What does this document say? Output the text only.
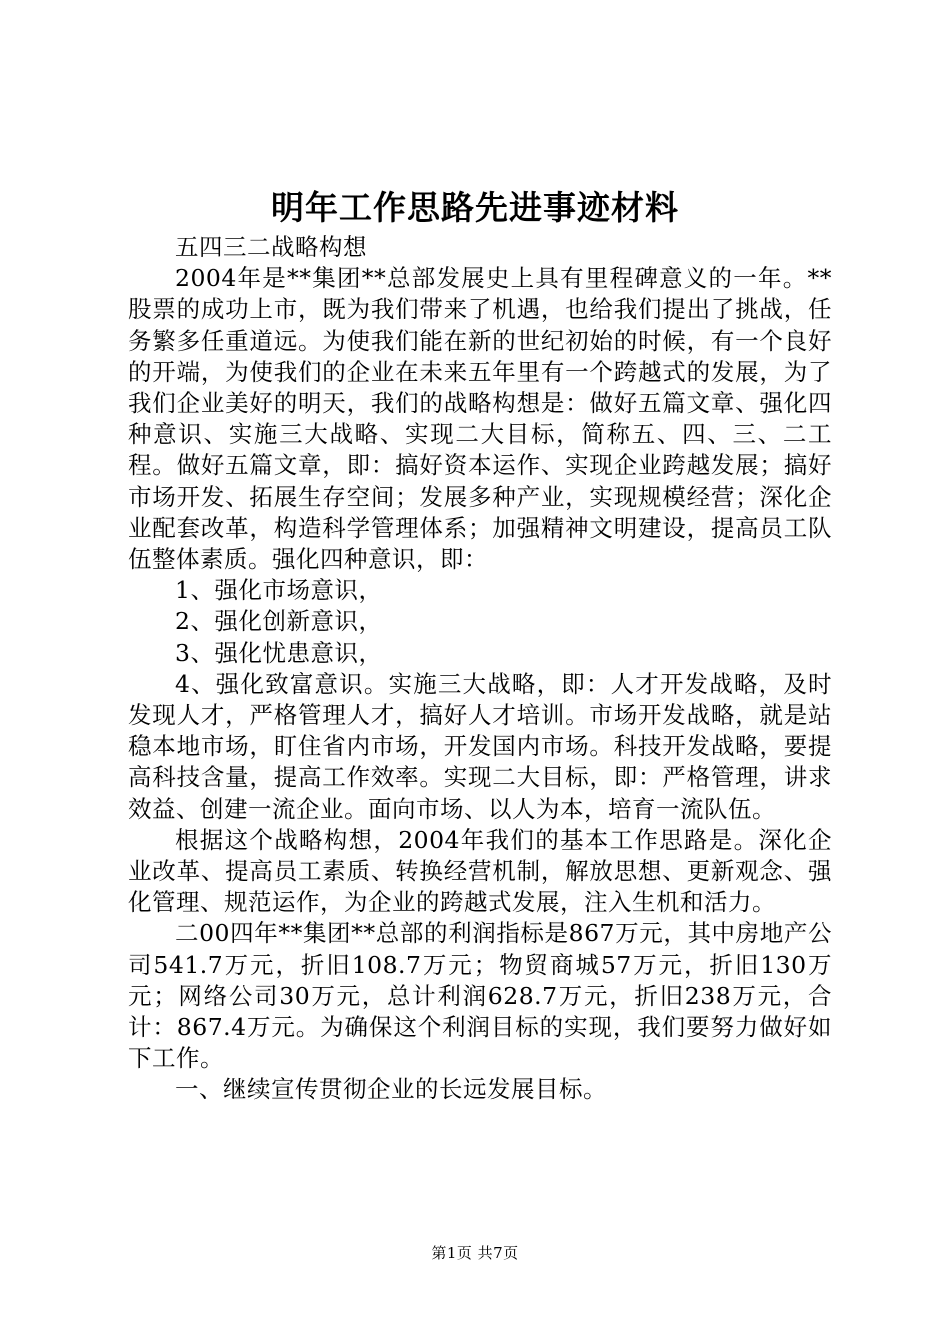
明年工作思路先进事迹材料

五四三二战略构想

2004年是**集团**总部发展史上具有里程碑意义的一年。**股票的成功上市，既为我们带来了机遇，也给我们提出了挑战，任务繁多任重道远。为使我们能在新的世纪初始的时候，有一个良好的开端，为使我们的企业在未来五年里有一个跨越式的发展，为了我们企业美好的明天，我们的战略构想是：做好五篇文章、强化四种意识、实施三大战略、实现二大目标，简称五、四、三、二工程。做好五篇文章，即：搞好资本运作、实现企业跨越发展；搞好市场开发、拓展生存空间；发展多种产业，实现规模经营；深化企业配套改革，构造科学管理体系；加强精神文明建设，提高员工队伍整体素质。强化四种意识，即：

1、强化市场意识，

2、强化创新意识，

3、强化忧患意识，

4、强化致富意识。实施三大战略，即：人才开发战略，及时发现人才，严格管理人才，搞好人才培训。市场开发战略，就是站稳本地市场，盯住省内市场，开发国内市场。科技开发战略，要提高科技含量，提高工作效率。实现二大目标，即：严格管理，讲求效益、创建一流企业。面向市场、以人为本，培育一流队伍。

根据这个战略构想，2004年我们的基本工作思路是。深化企业改革、提高员工素质、转换经营机制，解放思想、更新观念、强化管理、规范运作，为企业的跨越式发展，注入生机和活力。

二00四年**集团**总部的利润指标是867万元，其中房地产公司541.7万元，折旧108.7万元；物贸商城57万元，折旧130万元；网络公司30万元，总计利润628.7万元，折旧238万元，合计：867.4万元。为确保这个利润目标的实现，我们要努力做好如下工作。

一、继续宣传贯彻企业的长远发展目标。

第1页 共7页
